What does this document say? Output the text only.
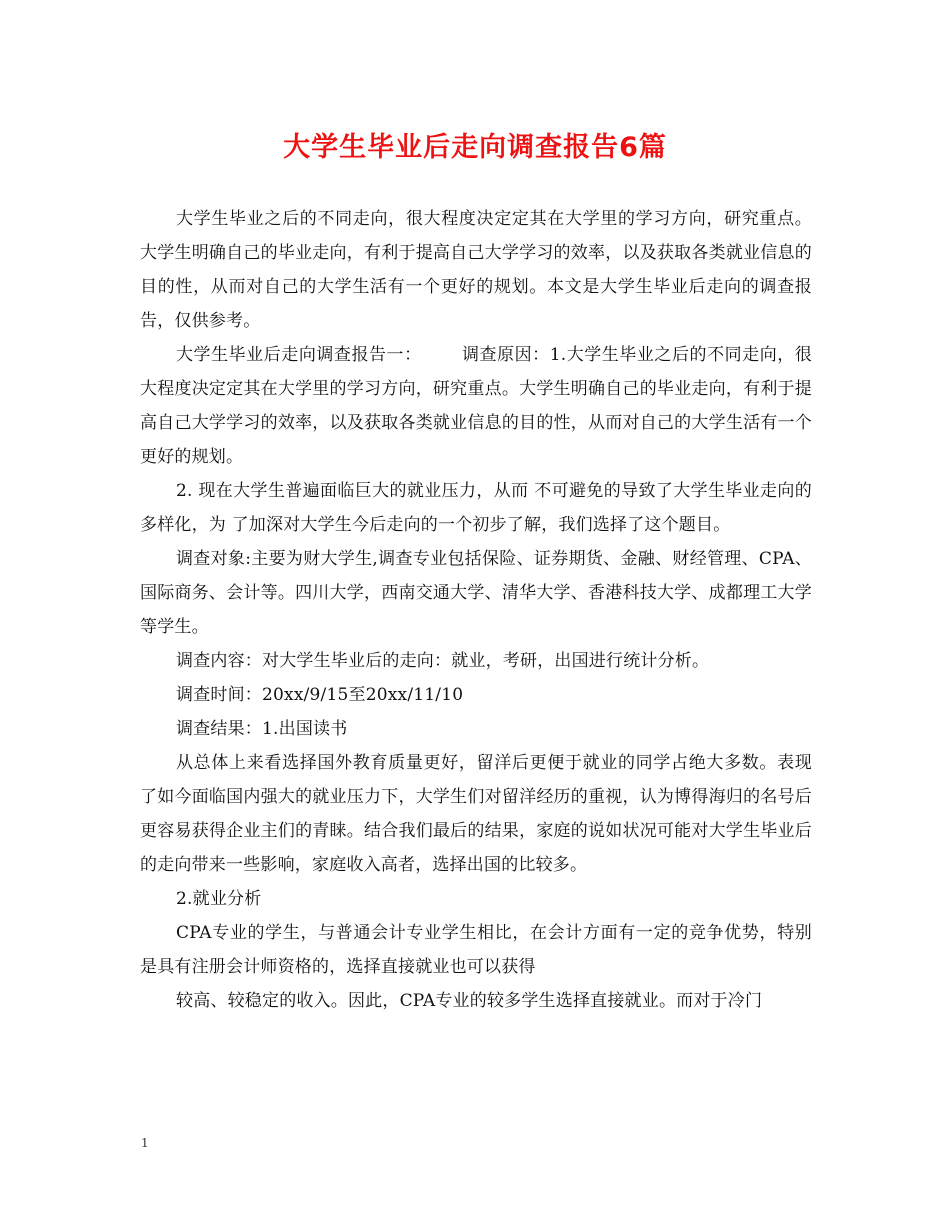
大学生毕业后走向调查报告6篇

大学生毕业之后的不同走向，很大程度决定定其在大学里的学习方向，研究重点。大学生明确自己的毕业走向，有利于提高自己大学学习的效率，以及获取各类就业信息的目的性，从而对自己的大学生活有一个更好的规划。本文是大学生毕业后走向的调查报告，仅供参考。

大学生毕业后走向调查报告一： 调查原因：1.大学生毕业之后的不同走向，很大程度决定定其在大学里的学习方向，研究重点。大学生明确自己的毕业走向，有利于提高自己大学学习的效率，以及获取各类就业信息的目的性，从而对自己的大学生活有一个更好的规划。

2. 现在大学生普遍面临巨大的就业压力，从而 不可避免的导致了大学生毕业走向的多样化，为 了加深对大学生今后走向的一个初步了解，我们选择了这个题目。

调查对象:主要为财大学生,调查专业包括保险、证券期货、金融、财经管理、CPA、国际商务、会计等。四川大学，西南交通大学、清华大学、香港科技大学、成都理工大学等学生。

调查内容：对大学生毕业后的走向：就业，考研，出国进行统计分析。

调查时间：20xx/9/15至20xx/11/10

调查结果：1.出国读书

从总体上来看选择国外教育质量更好，留洋后更便于就业的同学占绝大多数。表现了如今面临国内强大的就业压力下，大学生们对留洋经历的重视，认为博得海归的名号后更容易获得企业主们的青睐。结合我们最后的结果，家庭的说如状况可能对大学生毕业后的走向带来一些影响，家庭收入高者，选择出国的比较多。

2.就业分析

CPA专业的学生，与普通会计专业学生相比，在会计方面有一定的竞争优势，特别是具有注册会计师资格的，选择直接就业也可以获得

较高、较稳定的收入。因此，CPA专业的较多学生选择直接就业。而对于冷门

1
